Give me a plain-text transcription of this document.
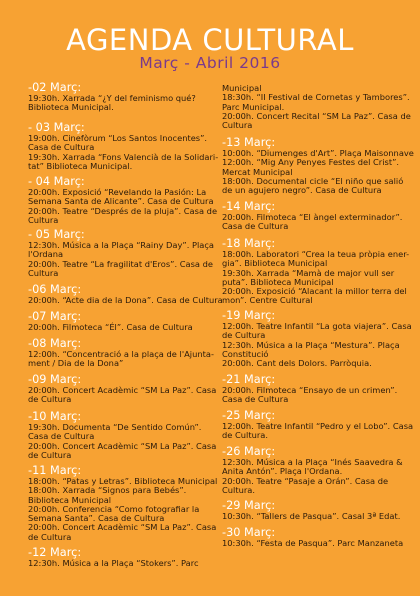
AGENDA CULTURAL
Març - Abril 2016
-02 Març:
19:30h. Xarrada “¿Y del feminismo qué?
Biblioteca Municipal.
- 03 Març:
19:00h. Cinefòrum “Los Santos Inocentes”.
Casa de Cultura
19:30h. Xarrada “Fons Valencià de la Solidari-
tat” Biblioteca Municipal.
- 04 Març:
20:00h. Exposició “Revelando la Pasión: La
Semana Santa de Alicante”. Casa de Cultura
20:00h. Teatre “Després de la pluja”. Casa de
Cultura
- 05 Març:
12:30h. Música a la Plaça “Rainy Day”. Plaça
l'Ordana
20:00h. Teatre “La fragilitat d'Eros”. Casa de
Cultura
-06 Març:
20:00h. “Acte dia de la Dona”. Casa de Cultura
-07 Març:
20:00h. Filmoteca “Él”. Casa de Cultura
-08 Març:
12:00h. “Concentració a la plaça de l'Ajunta-
ment / Dia de la Dona”
-09 Març:
20:00h. Concert Acadèmic “SM La Paz”. Casa
de Cultura
-10 Març:
19:30h. Documenta “De Sentido Común”.
Casa de Cultura
20:00h. Concert Acadèmic “SM La Paz”. Casa
de Cultura
-11 Març:
18:00h. “Patas y Letras”. Biblioteca Municipal
18:00h. Xarrada “Signos para Bebés”.
Biblioteca Municipal
20:00h. Conferencia “Como fotografiar la
Semana Santa”. Casa de Cultura
20:00h. Concert Acadèmic “SM La Paz”. Casa
de Cultura
-12 Març:
12:30h. Música a la Plaça “Stokers”. Parc
Municipal
18:30h. “II Festival de Cornetas y Tambores”.
Parc Municipal.
20:00h. Concert Recital “SM La Paz”. Casa de
Cultura
-13 Març:
10:00h. “Diumenges d'Art”. Plaça Maisonnave
12:00h. “Mig Any Penyes Festes del Crist”.
Mercat Municipal
18:00h. Documental cicle “El niño que salió
de un agujero negro”. Casa de Cultura
-14 Març:
20:00h. Filmoteca “El àngel exterminador”.
Casa de Cultura
-18 Març:
18:00h. Laboratori “Crea la teua pròpia ener-
gia”. Biblioteca Municipal
19:30h. Xarrada “Mamà de major vull ser
puta”. Biblioteca Municipal
20:00h. Exposició “Alacant la millor terra del
mon”. Centre Cultural
-19 Març:
12:00h. Teatre Infantil “La gota viajera”. Casa
de Cultura
12:30h. Música a la Plaça “Mestura”. Plaça
Constitució
20:00h. Cant dels Dolors. Parròquia.
-21 Març:
20:00h. Filmoteca “Ensayo de un crimen”.
Casa de Cultura
-25 Març:
12:00h. Teatre Infantil “Pedro y el Lobo”. Casa
de Cultura.
-26 Març:
12:30h. Música a la Plaça “Inés Saavedra &
Anita Antón”. Plaça l'Ordana.
20:00h. Teatre “Pasaje a Orán”. Casa de
Cultura.
-29 Març:
10:30h. “Tallers de Pasqua”. Casal 3ª Edat.
-30 Març:
10:30h. “Festa de Pasqua”. Parc Manzaneta
